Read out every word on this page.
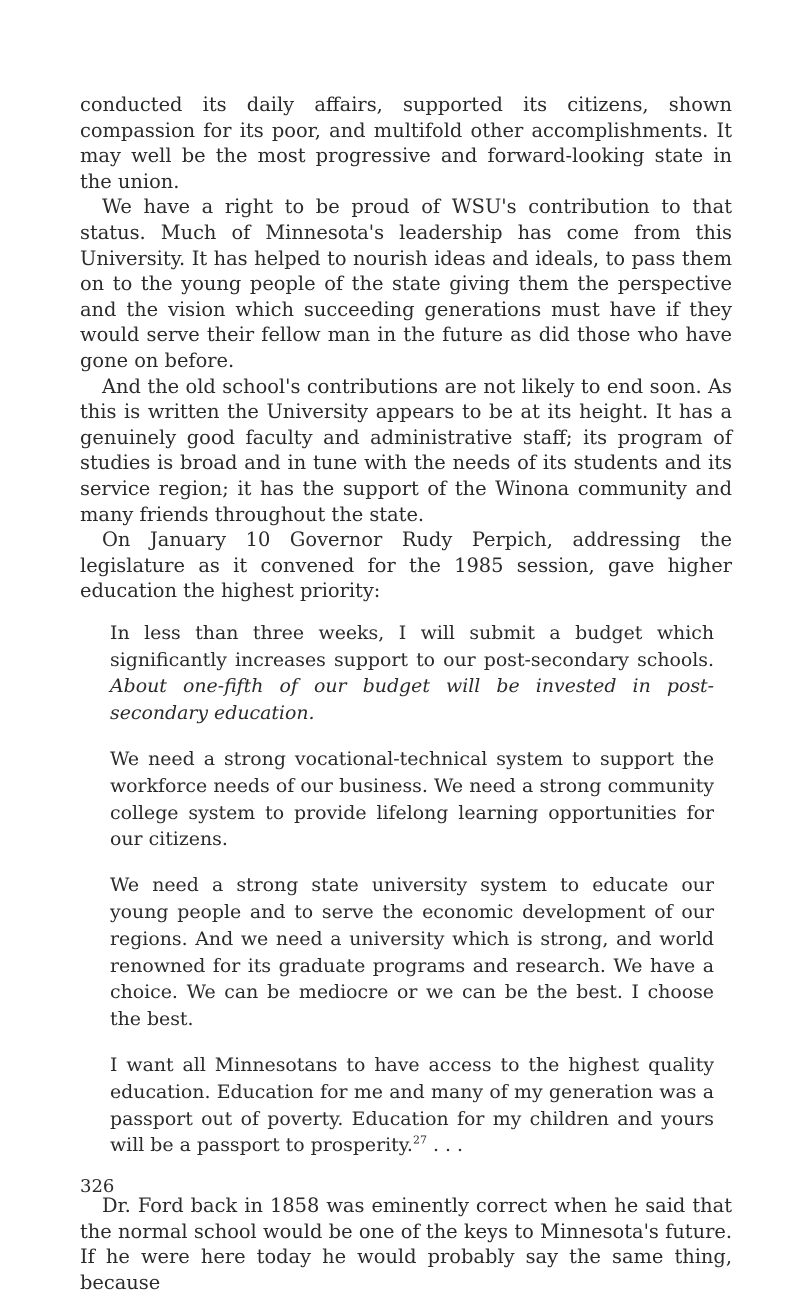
conducted its daily affairs, supported its citizens, shown compassion for its poor, and multifold other accomplishments. It may well be the most progressive and forward-looking state in the union.

We have a right to be proud of WSU's contribution to that status. Much of Minnesota's leadership has come from this University. It has helped to nourish ideas and ideals, to pass them on to the young people of the state giving them the perspective and the vision which succeeding generations must have if they would serve their fellow man in the future as did those who have gone on before.

And the old school's contributions are not likely to end soon. As this is written the University appears to be at its height. It has a genuinely good faculty and administrative staff; its program of studies is broad and in tune with the needs of its students and its service region; it has the support of the Winona community and many friends throughout the state.

On January 10 Governor Rudy Perpich, addressing the legislature as it convened for the 1985 session, gave higher education the highest priority:

In less than three weeks, I will submit a budget which significantly increases support to our post-secondary schools. About one-fifth of our budget will be invested in post-secondary education.

We need a strong vocational-technical system to support the workforce needs of our business. We need a strong community college system to provide lifelong learning opportunities for our citizens.

We need a strong state university system to educate our young people and to serve the economic development of our regions. And we need a university which is strong, and world renowned for its graduate programs and research. We have a choice. We can be mediocre or we can be the best. I choose the best.

I want all Minnesotans to have access to the highest quality education. Education for me and many of my generation was a passport out of poverty. Education for my children and yours will be a passport to prosperity.$^{27}$ . . .

Dr. Ford back in 1858 was eminently correct when he said that the normal school would be one of the keys to Minnesota's future. If he were here today he would probably say the same thing, because

326
